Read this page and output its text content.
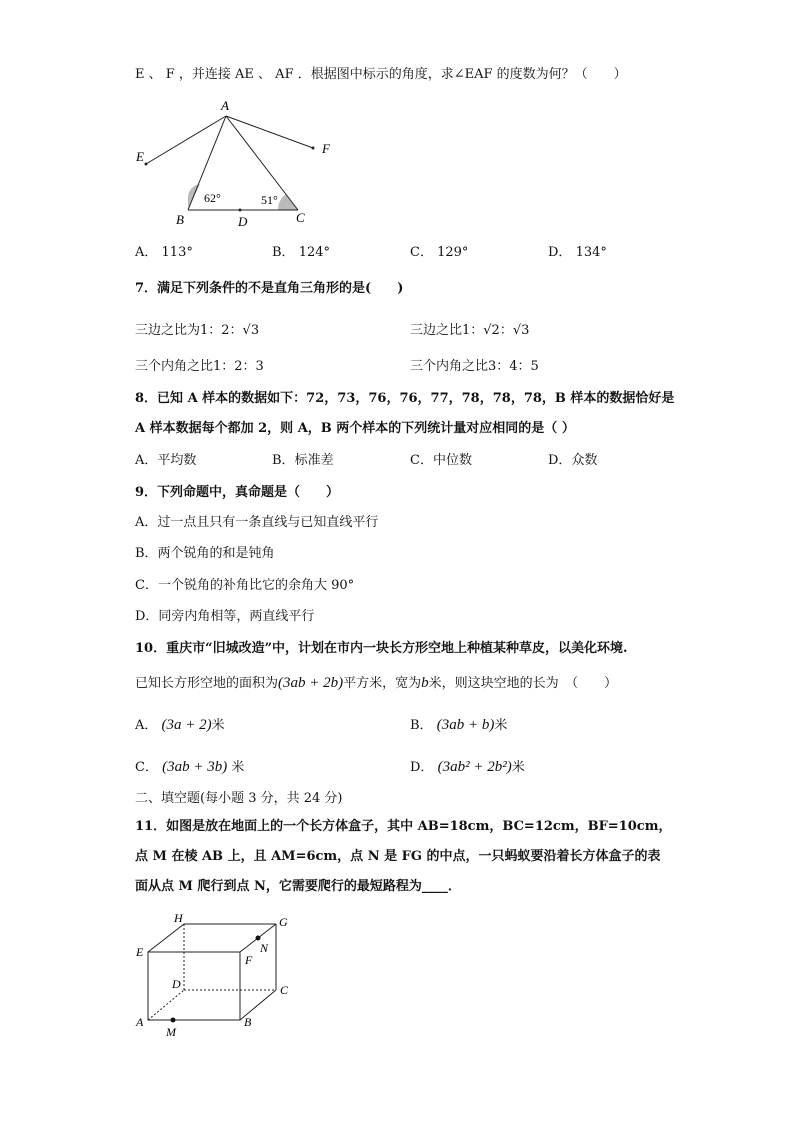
E 、 F ，并连接 AE 、 AF ．根据图中标示的角度，求∠EAF 的度数为何？（　　）
A
E
F
B	D	C
62°	51°
A． 113°	B． 124°	C． 129°	D． 134°
7．满足下列条件的不是直角三角形的是(　　)
三边之比为1：2：√3	三边之比1：√2：√3
三个内角之比1：2：3	三个内角之比3：4：5
8．已知 A 样本的数据如下：72，73，76，76，77，78，78，78，B 样本的数据恰好是
A 样本数据每个都加 2，则 A，B 两个样本的下列统计量对应相同的是（ ）
A．平均数	B．标准差	C．中位数	D．众数
9．下列命题中，真命题是（　　）
A．过一点且只有一条直线与已知直线平行
B．两个锐角的和是钝角
C．一个锐角的补角比它的余角大 90°
D．同旁内角相等，两直线平行
10．重庆市“旧城改造”中，计划在市内一块长方形空地上种植某种草皮，以美化环境.
已知长方形空地的面积为(3ab + 2b)平方米，宽为b米，则这块空地的长为　（　　）
A． (3a + 2)米	B． (3ab + b)米
C． (3ab + 3b) 米	D． (3ab² + 2b²)米
二、填空题(每小题 3 分，共 24 分)
11．如图是放在地面上的一个长方体盒子，其中 AB=18cm，BC=12cm，BF=10cm，
点 M 在棱 AB 上，且 AM=6cm，点 N 是 FG 的中点，一只蚂蚁要沿着长方体盒子的表
面从点 M 爬行到点 N，它需要爬行的最短路程为____．
H	G
E	N
F
D	C
A
M
B
